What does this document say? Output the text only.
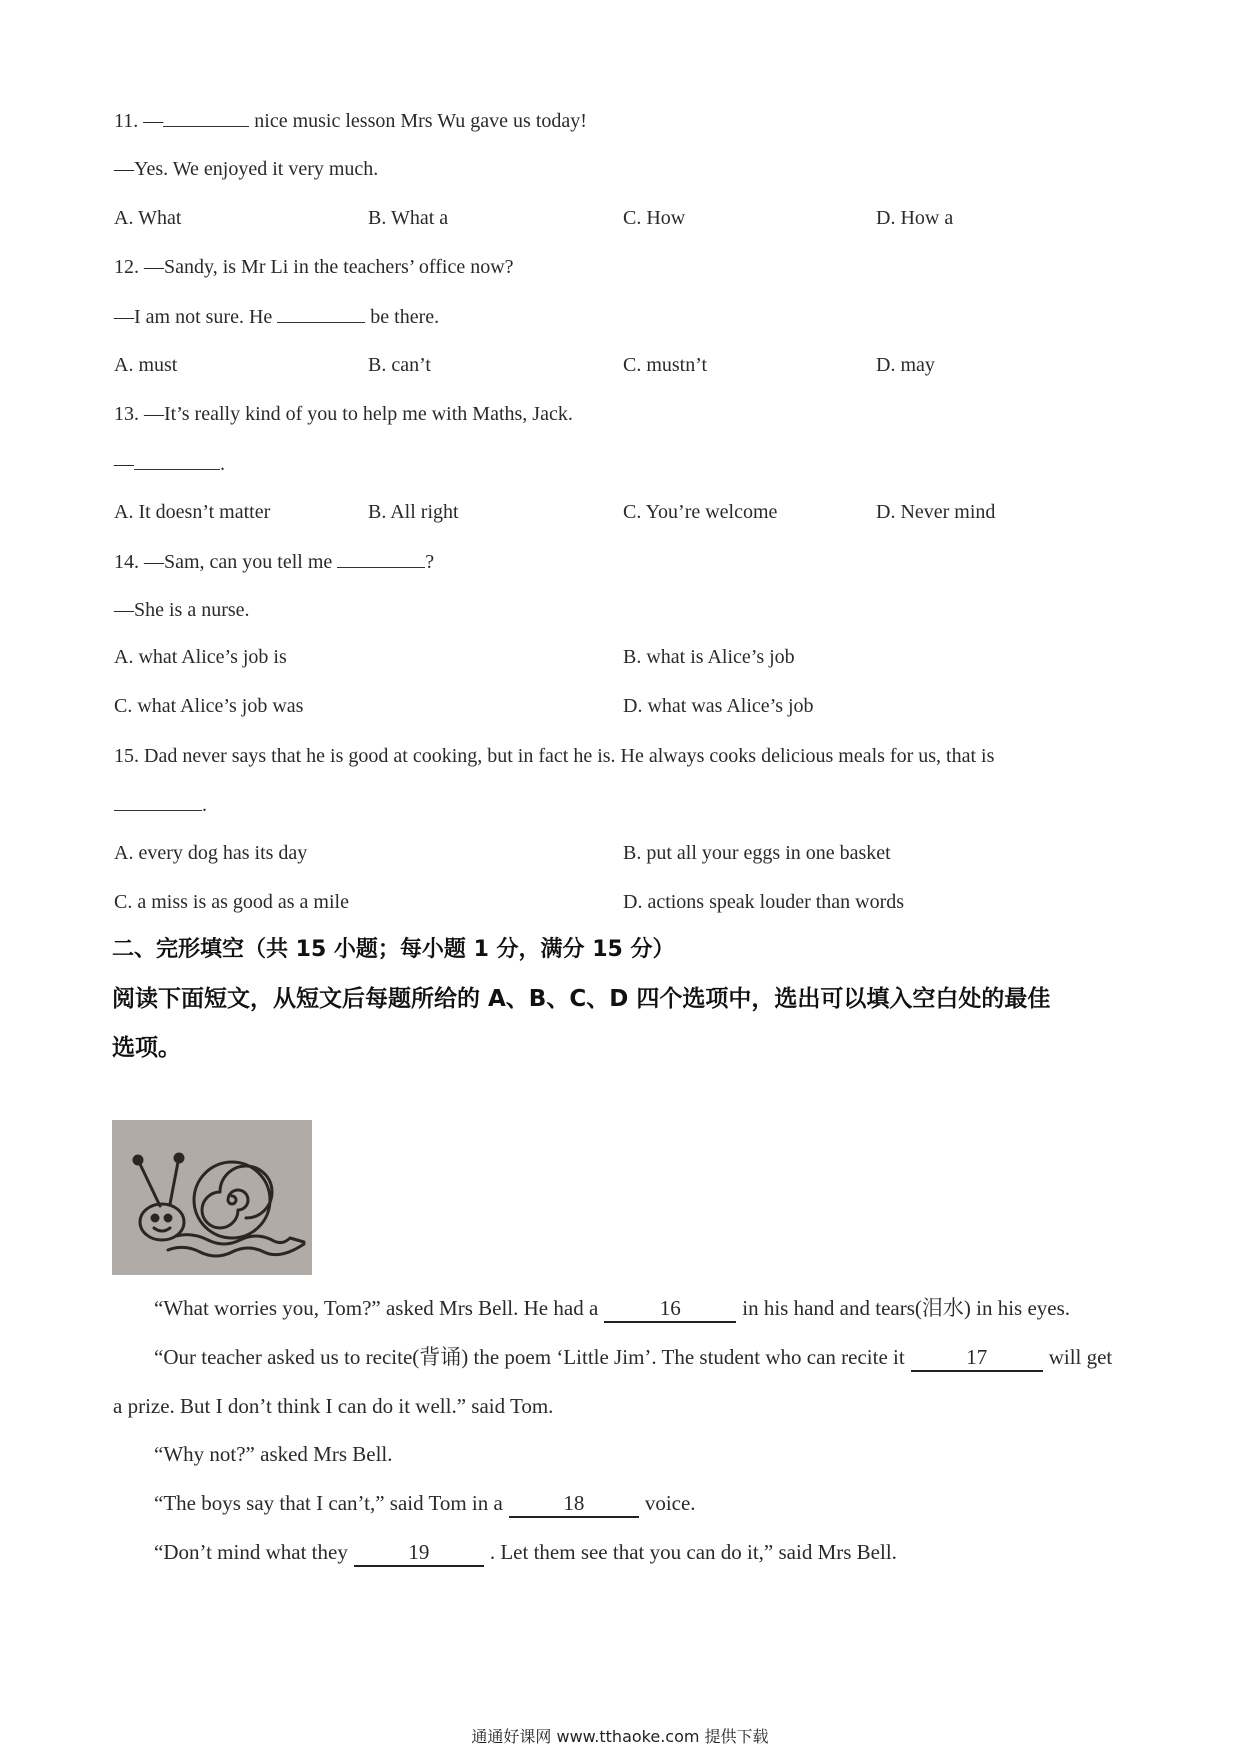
11. —	nice music lesson Mrs Wu gave us today!
—Yes. We enjoyed it very much.
A. What	B. What a	C. How	D. How a
12. —Sandy, is Mr Li in the teachers’ office now?
—I am not sure. He	be there.
A. must	B. can’t	C. mustn’t	D. may
13. —It’s really kind of you to help me with Maths, Jack.
—	.
A. It doesn’t matter	B. All right	C. You’re welcome	D. Never mind
14. —Sam, can you tell me	?
—She is a nurse.
A. what Alice’s job is	B. what is Alice’s job
C. what Alice’s job was	D. what was Alice’s job
15. Dad never says that he is good at cooking, but in fact he is. He always cooks delicious meals for us, that is
.
A. every dog has its day	B. put all your eggs in one basket
C. a miss is as good as a mile	D. actions speak louder than words
二、完形填空（共 15 小题；每小题 1 分，满分 15 分）
阅读下面短文，从短文后每题所给的 A、B、C、D 四个选项中，选出可以填入空白处的最佳
选项。
“What worries you, Tom?” asked Mrs Bell. He had a	16	in his hand and tears(泪水) in his eyes.
“Our teacher asked us to recite(背诵) the poem ‘Little Jim’. The student who can recite it	17	will get
a prize. But I don’t think I can do it well.” said Tom.
“Why not?” asked Mrs Bell.
“The boys say that I can’t,” said Tom in a	18	voice.
“Don’t mind what they	19	. Let them see that you can do it,” said Mrs Bell.
通通好课网 www.tthaoke.com 提供下载
